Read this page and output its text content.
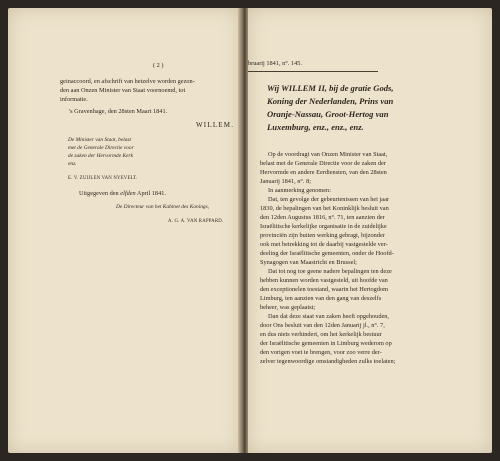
( 2 )
geinaccoord, en afschrift van hetzelve worden gezon-
den aan Onzen Minister van Staat voornoemd, tot
informatie.
's Gravenhage, den 28sten Maart 1841.
WILLEM.
De Minister van Staat, belast
met de Generale Directie voor
de zaken der Hervormde Kerk
enz.
E. V. ZUIJLEN VAN NYEVELT.
Uitgegeven den elfden April 1841.
De Directeur van het Kabinet des Konings,
A. G. A. VAN RAPPARD.
bruarij 1841, n°. 145.
Wij WILLEM II, bij de gratie Gods,
Koning der Nederlanden, Prins van
Oranje-Nassau, Groot-Hertog van
Luxemburg, enz., enz., enz.
Op de voordragt van Onzen Minister van Staat,
belast met de Generale Directie voor de zaken der
Hervormde en andere Eerdiensten, van den 28sten
Januarij 1841, n°. 8;
In aanmerking genomen:
Dat, ten gevolge der gebeurtenissen van het jaar
1830, de bepalingen van het Koninklijk besluit van
den 12den Augustus 1816, n°. 71, ten aanzien der
Israëlitische kerkelijke organisatie in de zuidelijke
provinciën zijn buiten werking gebragt, bijzonder
ook met betrekking tot de daarbij vastgestelde ver-
deeling der Israëlitische gemeenten, onder de Hoofd-
Synagogen van Maastricht en Brussel;
Dat tot nog toe geene nadere bepalingen ten deze
hebben kunnen worden vastgesteld, uit hoofde van
den exceptionelen toestand, waarin het Hertogdom
Limburg, ten aanzien van den gang van deszelfs
beheer, was geplaatst;
Dan dat deze staat van zaken heeft opgehouden,
door Ons besluit van den 12den Januarij jl., n°. 7,
en dus niets verhindert, om het kerkelijk bestuur
der Israëlitische gemeenten in Limburg wederom op
den vorigen voet te brengen, voor zoo verre der-
zelver tegenwoordige omstandigheden zulks toelaten;
